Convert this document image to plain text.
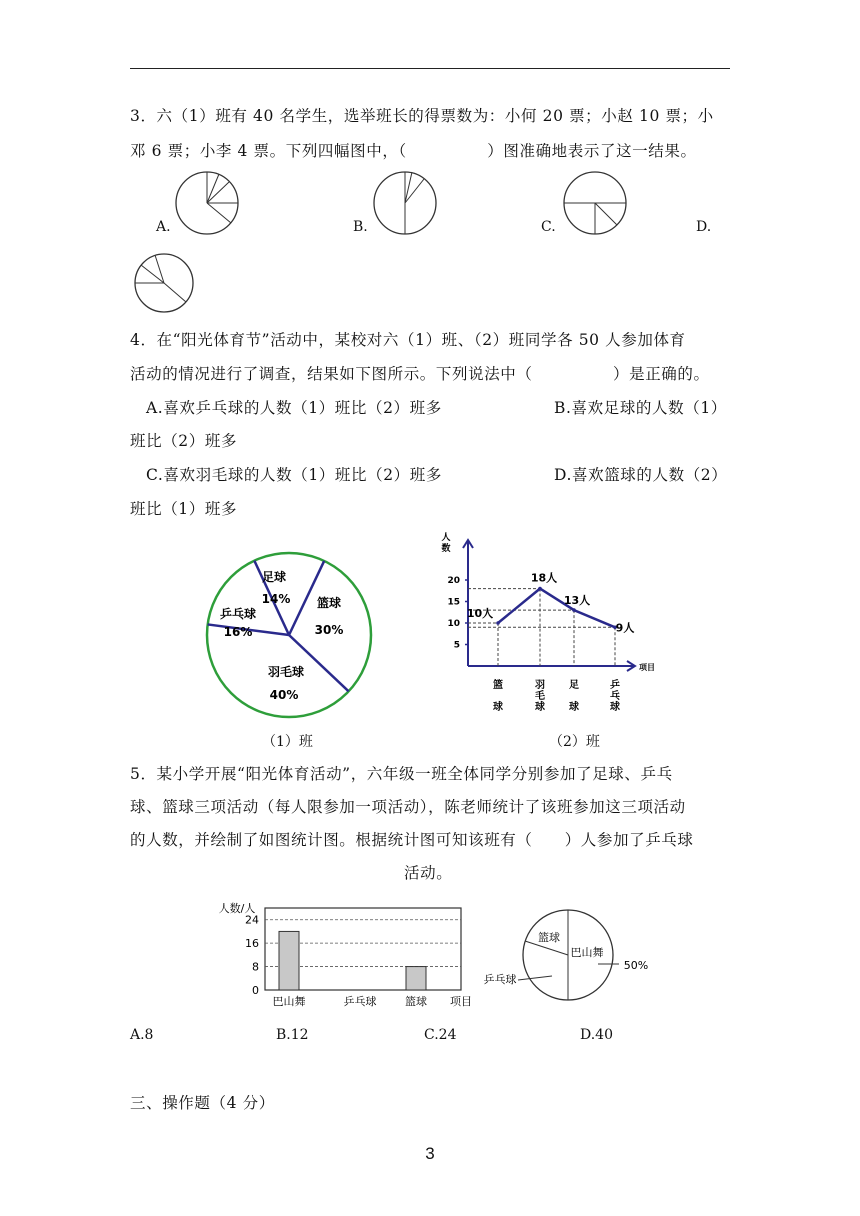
3．六（1）班有 40 名学生，选举班长的得票数为：小何 20 票；小赵 10 票；小
邓 6 票；小李 4 票。下列四幅图中，（　　　　　）图准确地表示了这一结果。
A.	B.	C.	D.
4．在“阳光体育节”活动中，某校对六（1）班、（2）班同学各 50 人参加体育
活动的情况进行了调查，结果如下图所示。下列说法中（　　　　　）是正确的。
A.喜欢乒乓球的人数（1）班比（2）班多	B.喜欢足球的人数（1）
班比（2）班多
C.喜欢羽毛球的人数（1）班比（2）班多	D.喜欢篮球的人数（2）
班比（1）班多
足球
14% 篮球
30%
羽毛球
40%
乒乓球
16%
人
数
项目
5
10
15
20
10人
18人
13人
9人
篮
球
羽
毛
球
足
球
乒
乓
球
（1）班	（2）班
5．某小学开展“阳光体育活动”，六年级一班全体同学分别参加了足球、乒乓
球、篮球三项活动（每人限参加一项活动），陈老师统计了该班参加这三项活动
的人数，并绘制了如图统计图。根据统计图可知该班有（　　）人参加了乒乓球
活动。
人数/人
0
8
16
24
巴山舞	乒乓球	篮球 项目
巴山舞
篮球
乒乓球
50%
A.8	B.12	C.24	D.40
三、操作题（4 分）
3
